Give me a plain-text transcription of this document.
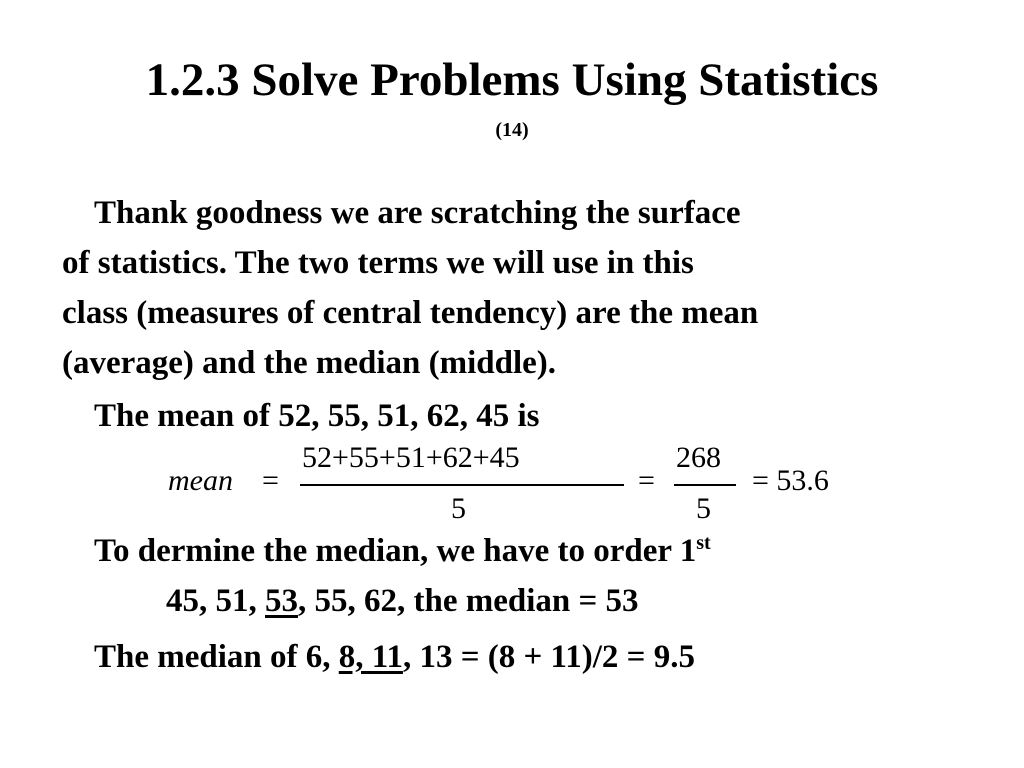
1.2.3 Solve Problems Using Statistics
(14)
Thank goodness we are scratching the surface
of statistics. The two terms we will use in this
class (measures of central tendency) are the mean
(average) and the median (middle).
The mean of 52, 55, 51, 62, 45 is
mean =
52+55+51+62+45
5
=
268
5
= 53.6
To dermine the median, we have to order 1st
45, 51, 53, 55, 62, the median = 53
The median of 6, 8, 11, 13 = (8 + 11)/2 = 9.5
